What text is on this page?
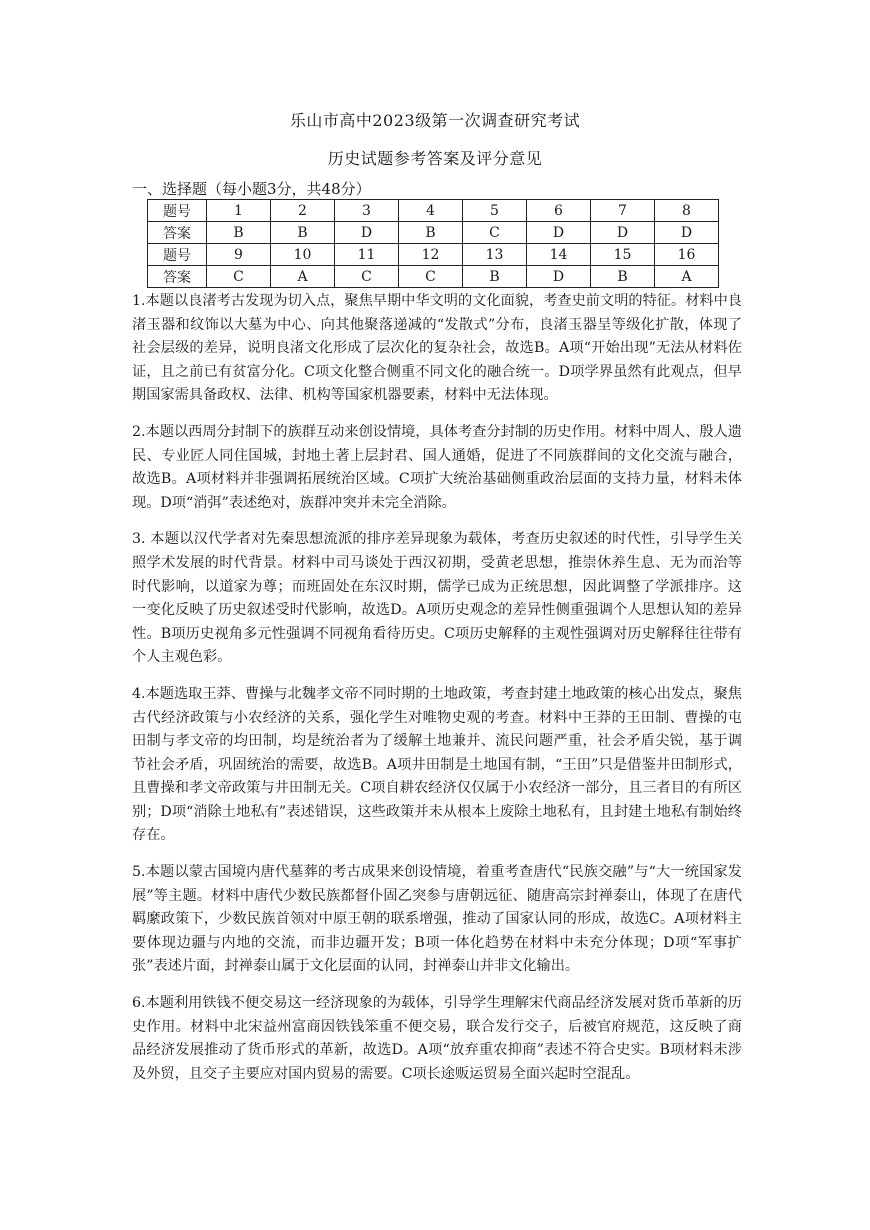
乐山市高中2023级第一次调查研究考试
历史试题参考答案及评分意见
一、选择题（每小题3分，共48分）
题号	1	2	3	4	5	6	7	8
答案	B	B	D	B	C	D	D	D
题号	9	10	11	12	13	14	15	16
答案	C	A	C	C	B	D	B	A

1.本题以良渚考古发现为切入点，聚焦早期中华文明的文化面貌，考查史前文明的特征。材料中良渚玉器和纹饰以大墓为中心、向其他聚落递减的“发散式”分布，良渚玉器呈等级化扩散，体现了社会层级的差异，说明良渚文化形成了层次化的复杂社会，故选B。A项“开始出现”无法从材料佐证，且之前已有贫富分化。C项文化整合侧重不同文化的融合统一。D项学界虽然有此观点，但早期国家需具备政权、法律、机构等国家机器要素，材料中无法体现。

2.本题以西周分封制下的族群互动来创设情境，具体考查分封制的历史作用。材料中周人、殷人遗民、专业匠人同住国城，封地土著上层封君、国人通婚，促进了不同族群间的文化交流与融合，故选B。A项材料并非强调拓展统治区域。C项扩大统治基础侧重政治层面的支持力量，材料未体现。D项“消弭”表述绝对，族群冲突并未完全消除。

3. 本题以汉代学者对先秦思想流派的排序差异现象为载体，考查历史叙述的时代性，引导学生关照学术发展的时代背景。材料中司马谈处于西汉初期，受黄老思想，推崇休养生息、无为而治等时代影响，以道家为尊；而班固处在东汉时期，儒学已成为正统思想，因此调整了学派排序。这一变化反映了历史叙述受时代影响，故选D。A项历史观念的差异性侧重强调个人思想认知的差异性。B项历史视角多元性强调不同视角看待历史。C项历史解释的主观性强调对历史解释往往带有个人主观色彩。

4.本题选取王莽、曹操与北魏孝文帝不同时期的土地政策，考查封建土地政策的核心出发点，聚焦古代经济政策与小农经济的关系，强化学生对唯物史观的考查。材料中王莽的王田制、曹操的屯田制与孝文帝的均田制，均是统治者为了缓解土地兼并、流民问题严重，社会矛盾尖锐，基于调节社会矛盾，巩固统治的需要，故选B。A项井田制是土地国有制，“王田”只是借鉴井田制形式，且曹操和孝文帝政策与井田制无关。C项自耕农经济仅仅属于小农经济一部分，且三者目的有所区别；D项“消除土地私有”表述错误，这些政策并未从根本上废除土地私有，且封建土地私有制始终存在。

5.本题以蒙古国境内唐代墓葬的考古成果来创设情境，着重考查唐代“民族交融”与“大一统国家发展”等主题。材料中唐代少数民族都督仆固乙突参与唐朝远征、随唐高宗封禅泰山，体现了在唐代羁縻政策下，少数民族首领对中原王朝的联系增强，推动了国家认同的形成，故选C。A项材料主要体现边疆与内地的交流，而非边疆开发；B项一体化趋势在材料中未充分体现；D项“军事扩张”表述片面，封禅泰山属于文化层面的认同，封禅泰山并非文化输出。

6.本题利用铁钱不便交易这一经济现象的为载体，引导学生理解宋代商品经济发展对货币革新的历史作用。材料中北宋益州富商因铁钱笨重不便交易，联合发行交子，后被官府规范，这反映了商品经济发展推动了货币形式的革新，故选D。A项“放弃重农抑商”表述不符合史实。B项材料未涉及外贸，且交子主要应对国内贸易的需要。C项长途贩运贸易全面兴起时空混乱。
